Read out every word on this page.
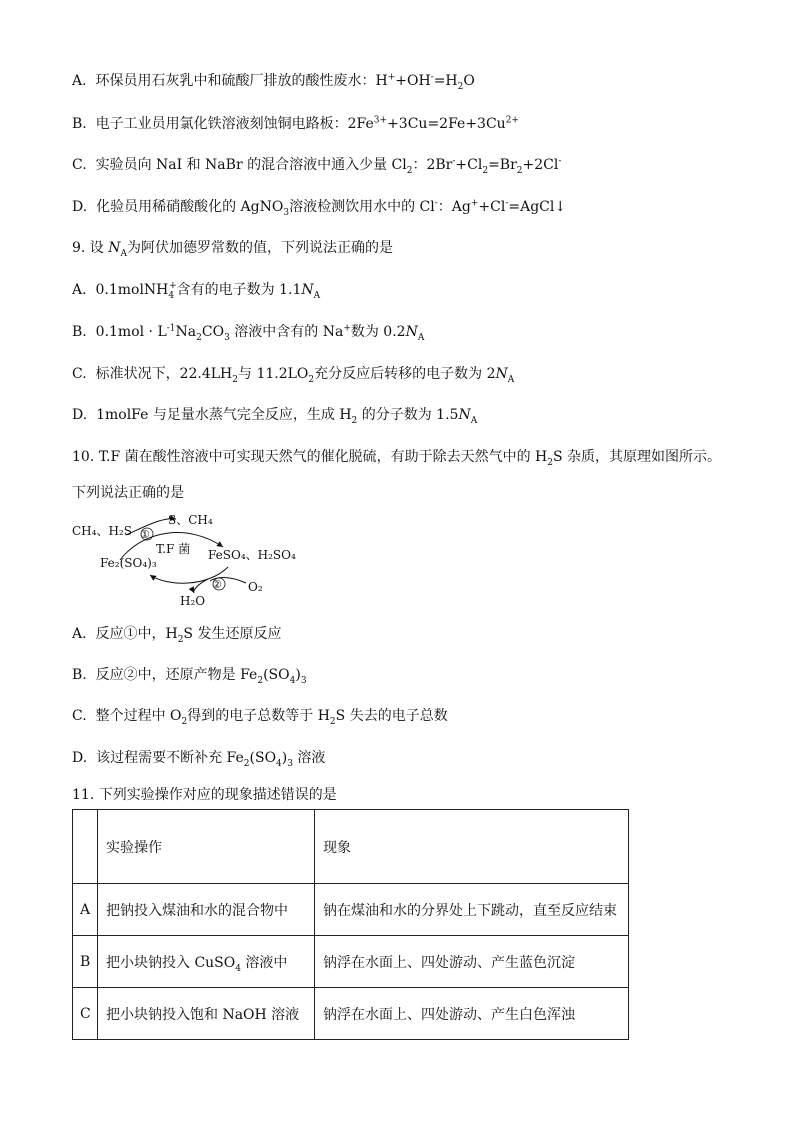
A. 环保员用石灰乳中和硫酸厂排放的酸性废水：$H^++OH^-=H_2O$
B. 电子工业员用氯化铁溶液刻蚀铜电路板：$2Fe^{3+}+3Cu=2Fe+3Cu^{2+}$
C. 实验员向 NaI 和 NaBr 的混合溶液中通入少量 $Cl_2$：$2Br^-+Cl_2=Br_2+2Cl^-$
D. 化验员用稀硝酸酸化的 AgNO$_3$溶液检测饮用水中的 Cl-：Ag++Cl-=AgCl↓
9. 设 $N_A$为阿伏加德罗常数的值，下列说法正确的是
A. 0.1molNH$_4$+含有的电子数为 $1.1N_A$
B. $0.1mol \cdot L^{-1}Na_2CO_3$ 溶液中含有的 Na+数为 $0.2N_A$
C. 标准状况下，$22.4LH_2$与 $11.2LO_2$充分反应后转移的电子数为 $2N_A$
D. 1molFe 与足量水蒸气完全反应，生成 $H_2$ 的分子数为 $1.5N_A$
10. T.F 菌在酸性溶液中可实现天然气的催化脱硫，有助于除去天然气中的 $H_2S$ 杂质，其原理如图所示。
下列说法正确的是
CH₄、H₂S
S、CH₄
①
T.F 菌
Fe₂(SO₄)₃
FeSO₄、H₂SO₄
② O₂
H₂O
A. 反应①中，$H_2S$ 发生还原反应
B. 反应②中，还原产物是 $Fe_2(SO_4)_3$
C. 整个过程中 $O_2$得到的电子总数等于 $H_2S$ 失去的电子总数
D. 该过程需要不断补充 $Fe_2(SO_4)_3$ 溶液
11. 下列实验操作对应的现象描述错误的是
	实验操作	现象
A	把钠投入煤油和水的混合物中	钠在煤油和水的分界处上下跳动，直至反应结束
B	把小块钠投入 CuSO$_4$ 溶液中	钠浮在水面上、四处游动、产生蓝色沉淀
C	把小块钠投入饱和 NaOH 溶液	钠浮在水面上、四处游动、产生白色浑浊
